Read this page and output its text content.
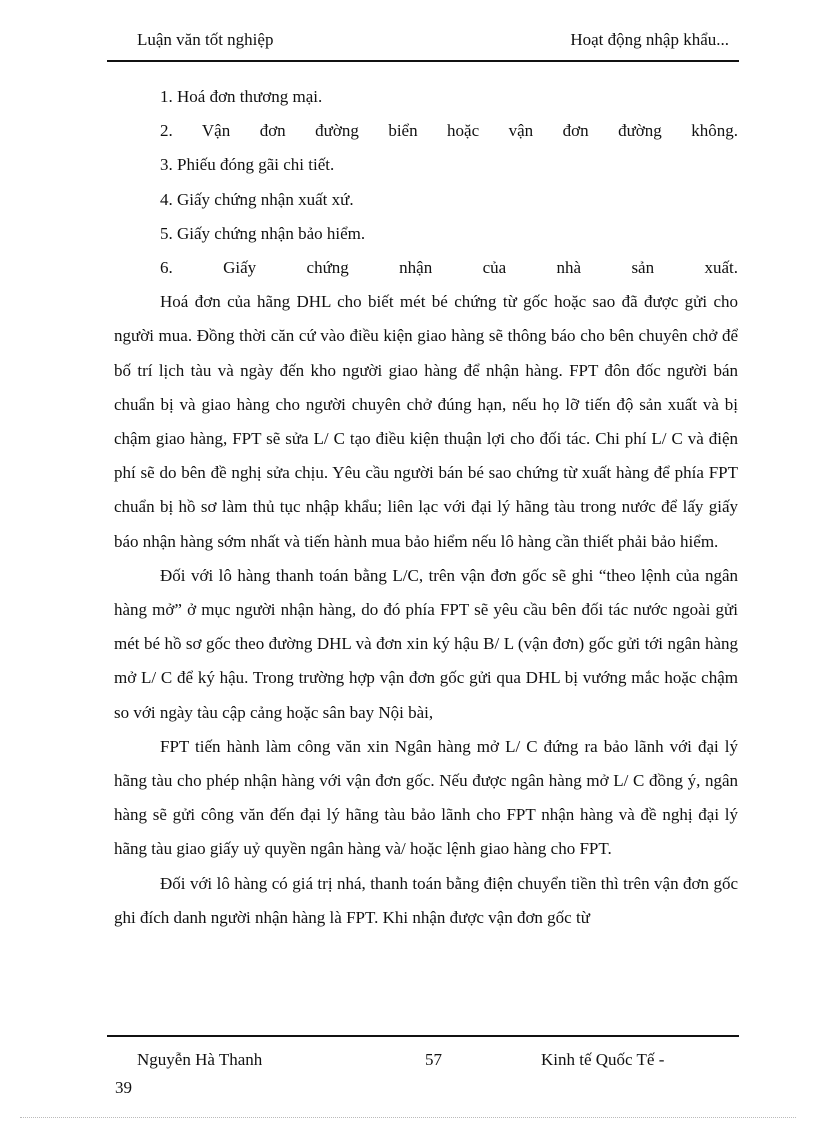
Luận văn tốt nghiệp	Hoạt động nhập khẩu...

1. Hoá đơn thương mại.

2. Vận đơn đường biển hoặc vận đơn đường không.

3. Phiếu đóng gãi chi tiết.

4. Giấy chứng nhận xuất xứ.

5. Giấy chứng nhận bảo hiểm.

6. Giấy chứng nhận của nhà sản xuất.

Hoá đơn của hãng DHL cho biết mét bé chứng từ gốc hoặc sao đã được gửi cho người mua. Đồng thời căn cứ vào điều kiện giao hàng sẽ thông báo cho bên chuyên chở để bố trí lịch tàu và ngày đến kho người giao hàng để nhận hàng. FPT đôn đốc người bán chuẩn bị và giao hàng cho người chuyên chở đúng hạn, nếu họ lỡ tiến độ sản xuất và bị chậm giao hàng, FPT sẽ sửa L/ C tạo điều kiện thuận lợi cho đối tác. Chi phí L/ C và điện phí sẽ do bên đề nghị sửa chịu. Yêu cầu người bán bé sao chứng từ xuất hàng để phía FPT chuẩn bị hồ sơ làm thủ tục nhập khẩu; liên lạc với đại lý hãng tàu trong nước để lấy giấy báo nhận hàng sớm nhất và tiến hành mua bảo hiểm nếu lô hàng cần thiết phải bảo hiểm.

Đối với lô hàng thanh toán bằng L/C, trên vận đơn gốc sẽ ghi “theo lệnh của ngân hàng mở” ở mục người nhận hàng, do đó phía FPT sẽ yêu cầu bên đối tác nước ngoài gửi mét bé hồ sơ gốc theo đường DHL và đơn xin ký hậu B/ L (vận đơn) gốc gửi tới ngân hàng mở L/ C để ký hậu. Trong trường hợp vận đơn gốc gửi qua DHL bị vướng mắc hoặc chậm so với ngày tàu cập cảng hoặc sân bay Nội bài,

FPT tiến hành làm công văn xin Ngân hàng mở L/ C đứng ra bảo lãnh với đại lý hãng tàu cho phép nhận hàng với vận đơn gốc. Nếu được ngân hàng mở L/ C đồng ý, ngân hàng sẽ gửi công văn đến đại lý hãng tàu bảo lãnh cho FPT nhận hàng và đề nghị đại lý hãng tàu giao giấy uỷ quyền ngân hàng và/ hoặc lệnh giao hàng cho FPT.

Đối với lô hàng có giá trị nhá, thanh toán bằng điện chuyển tiền thì trên vận đơn gốc ghi đích danh người nhận hàng là FPT. Khi nhận được vận đơn gốc từ

Nguyễn Hà Thanh	57	Kinh tế Quốc Tế -
39
